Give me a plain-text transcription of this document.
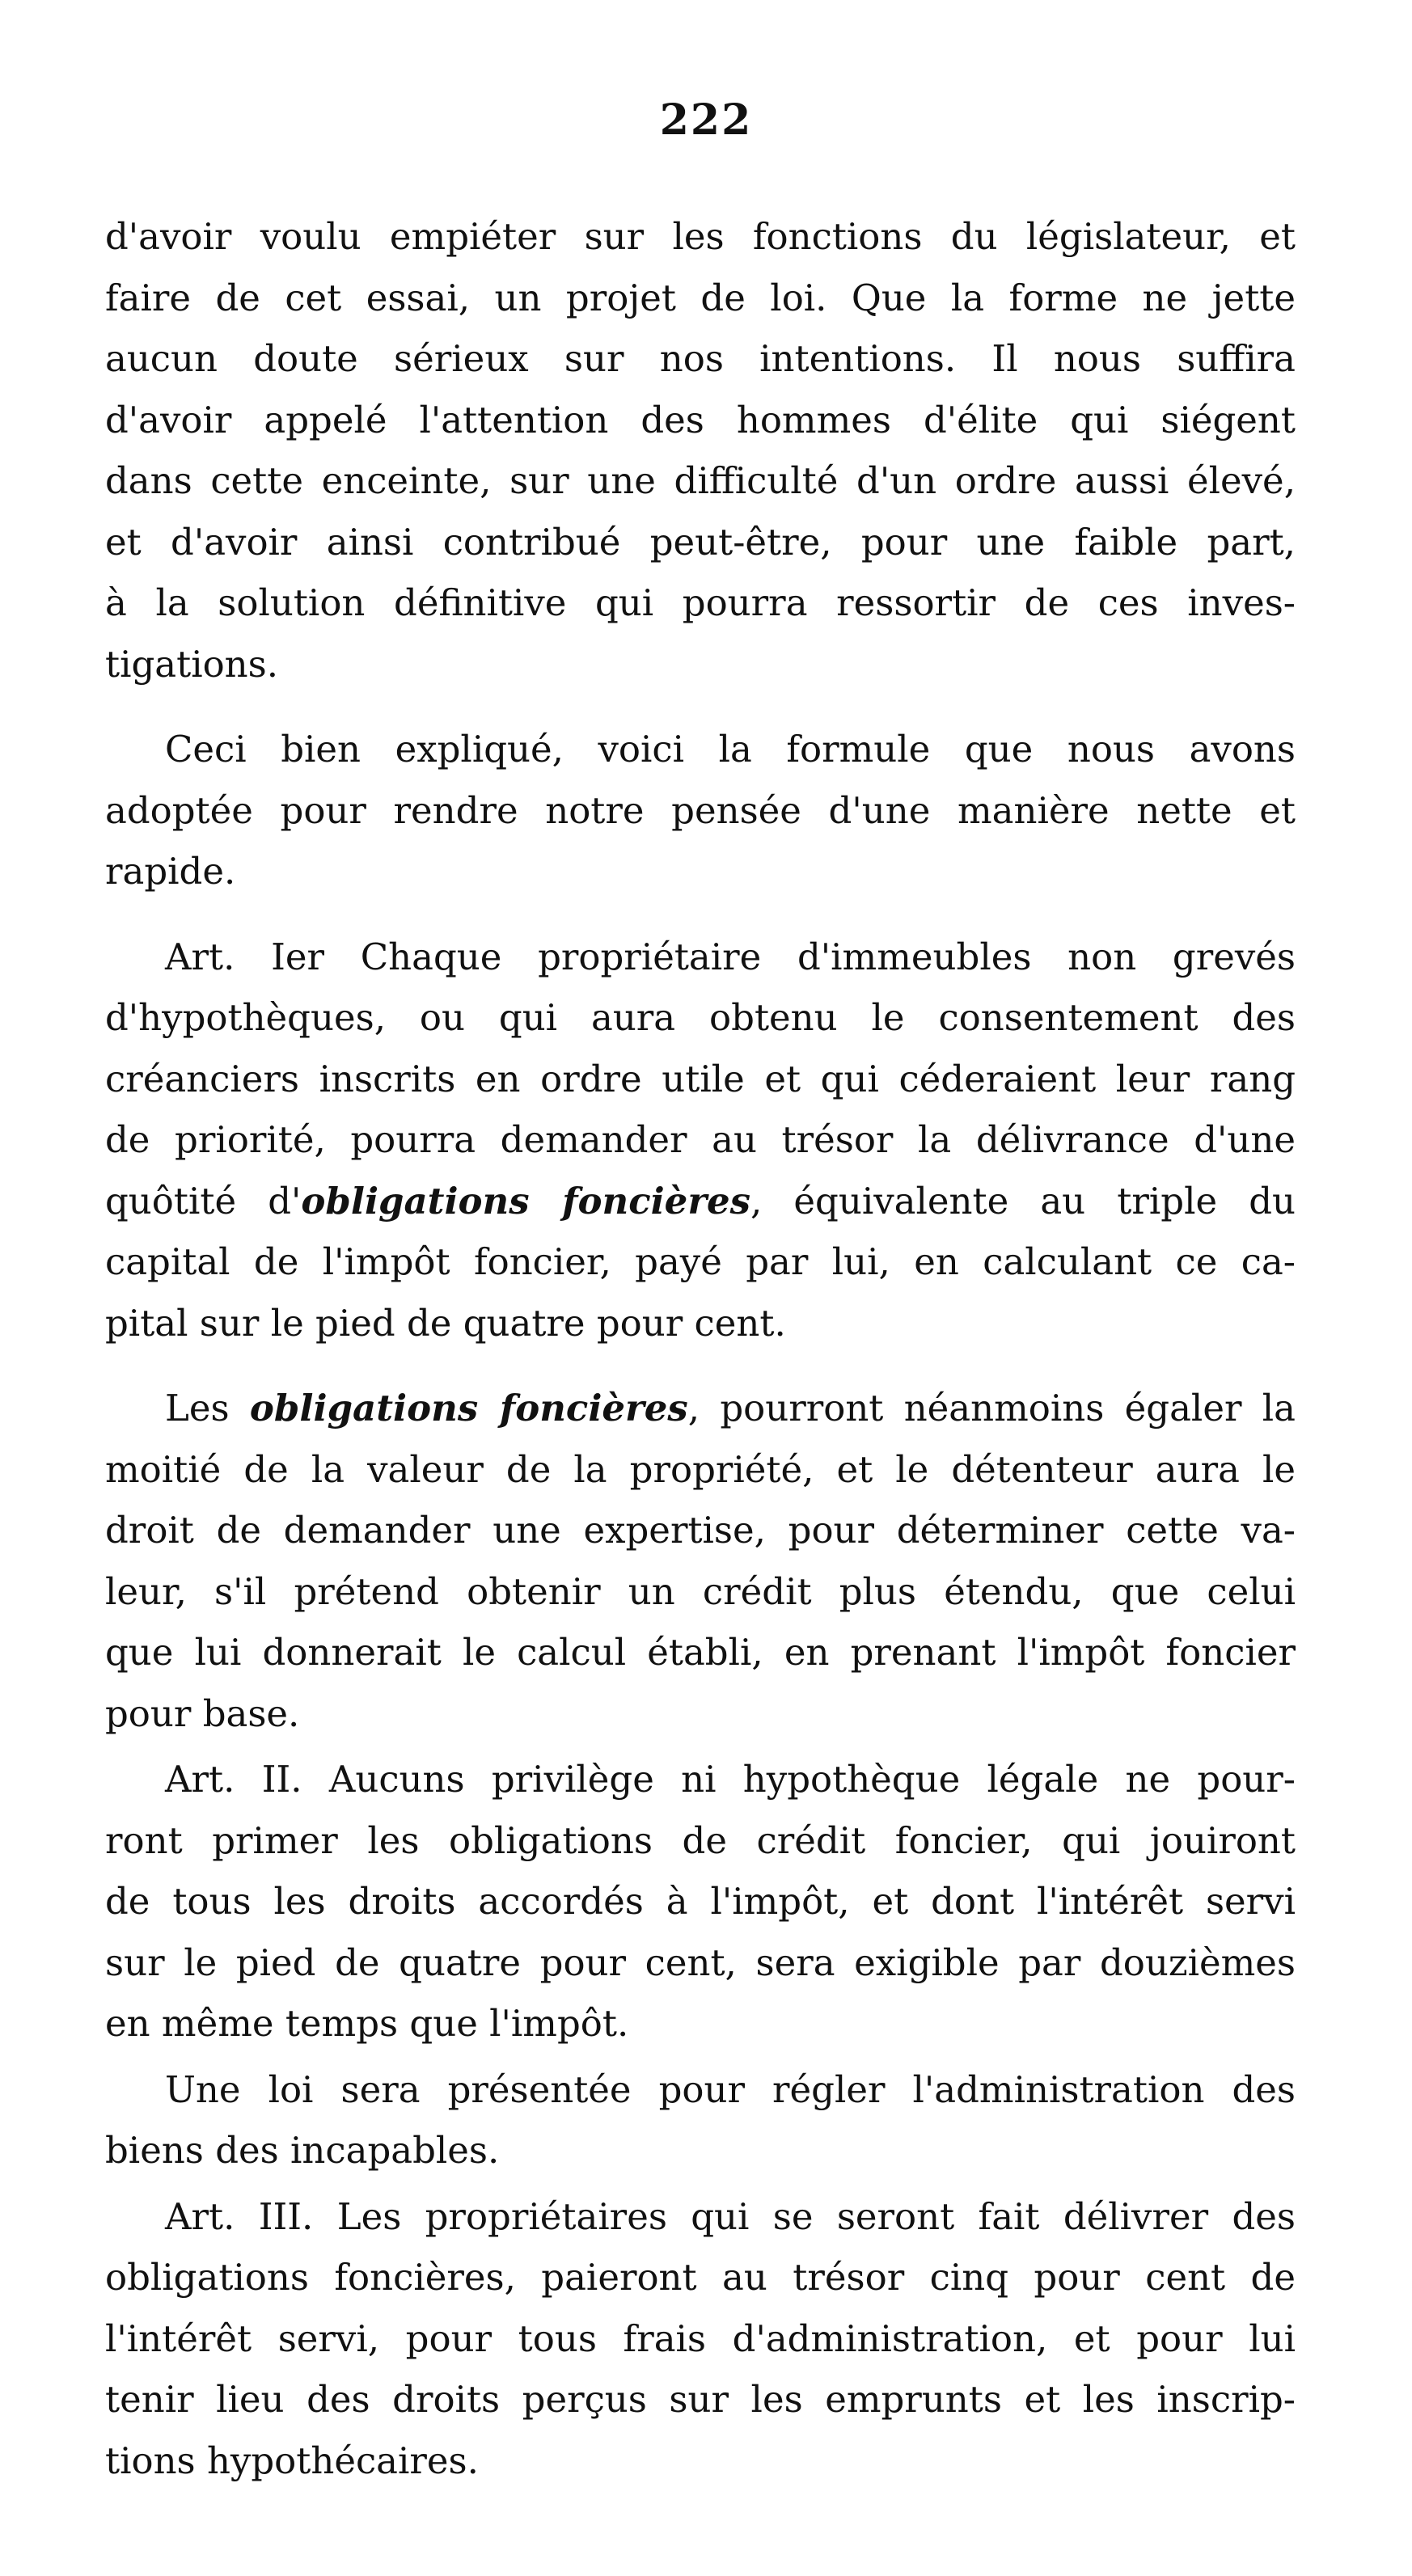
222
d'avoir voulu empiéter sur les fonctions du législateur, et
faire de cet essai, un projet de loi. Que la forme ne jette
aucun doute sérieux sur nos intentions. Il nous suffira
d'avoir appelé l'attention des hommes d'élite qui siégent
dans cette enceinte, sur une difficulté d'un ordre aussi élevé,
et d'avoir ainsi contribué peut-être, pour une faible part,
à la solution définitive qui pourra ressortir de ces inves-
tigations.
Ceci bien expliqué, voici la formule que nous avons
adoptée pour rendre notre pensée d'une manière nette et
rapide.
Art. Ier Chaque propriétaire d'immeubles non grevés
d'hypothèques, ou qui aura obtenu le consentement des
créanciers inscrits en ordre utile et qui céderaient leur rang
de priorité, pourra demander au trésor la délivrance d'une
quôtité d'obligations foncières, équivalente au triple du
capital de l'impôt foncier, payé par lui, en calculant ce ca-
pital sur le pied de quatre pour cent.
Les obligations foncières, pourront néanmoins égaler la
moitié de la valeur de la propriété, et le détenteur aura le
droit de demander une expertise, pour déterminer cette va-
leur, s'il prétend obtenir un crédit plus étendu, que celui
que lui donnerait le calcul établi, en prenant l'impôt foncier
pour base.
Art. II. Aucuns privilège ni hypothèque légale ne pour-
ront primer les obligations de crédit foncier, qui jouiront
de tous les droits accordés à l'impôt, et dont l'intérêt servi
sur le pied de quatre pour cent, sera exigible par douzièmes
en même temps que l'impôt.
Une loi sera présentée pour régler l'administration des
biens des incapables.
Art. III. Les propriétaires qui se seront fait délivrer des
obligations foncières, paieront au trésor cinq pour cent de
l'intérêt servi, pour tous frais d'administration, et pour lui
tenir lieu des droits perçus sur les emprunts et les inscrip-
tions hypothécaires.
